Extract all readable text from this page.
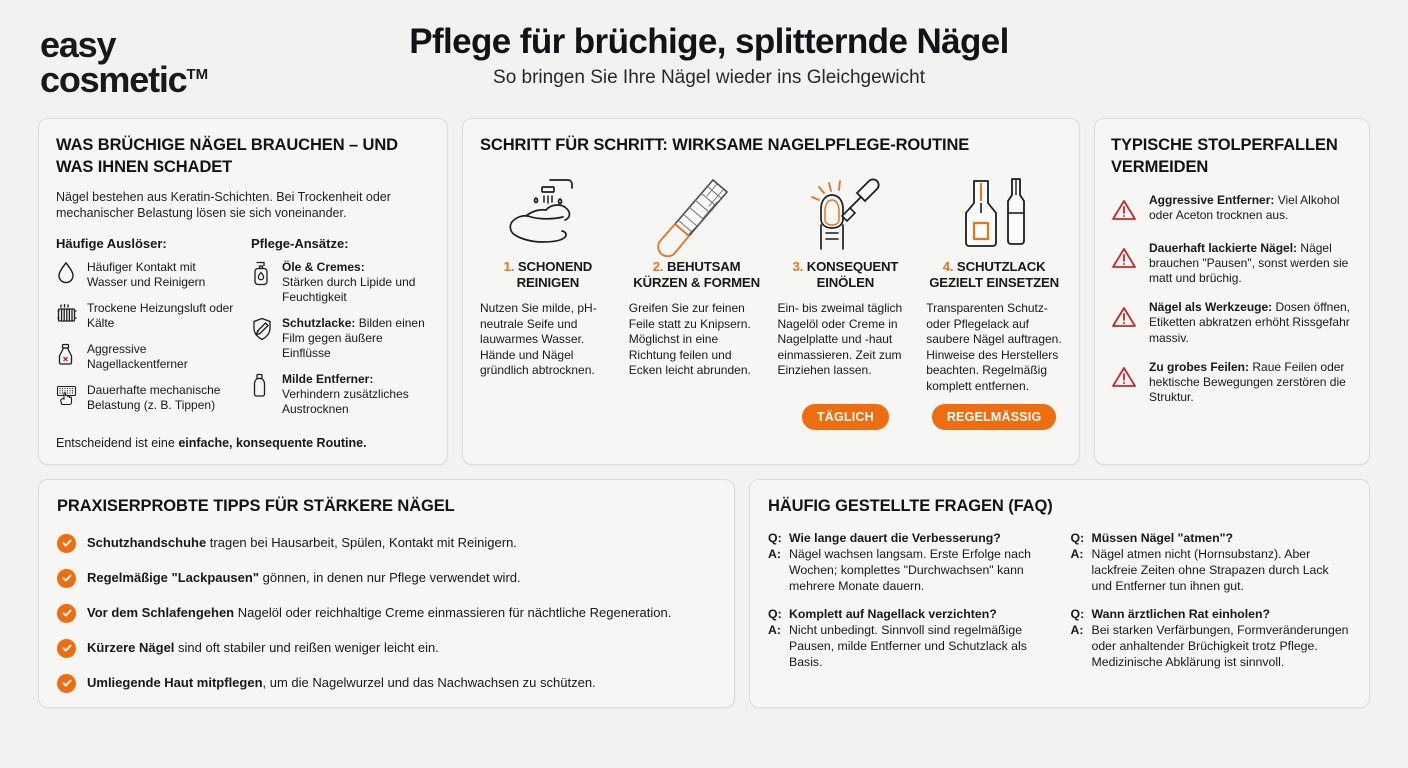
easy
cosmetic™
Pflege für brüchige, splitternde Nägel
So bringen Sie Ihre Nägel wieder ins Gleichgewicht
WAS BRÜCHIGE NÄGEL BRAUCHEN – UND WAS IHNEN SCHADET
Nägel bestehen aus Keratin-Schichten. Bei Trockenheit oder mechanischer Belastung lösen sie sich voneinander.
Häufige Auslöser:
Häufiger Kontakt mit Wasser und Reinigern
Trockene Heizungsluft oder Kälte
Aggressive Nagellackentferner
Dauerhafte mechanische Belastung (z. B. Tippen)
Pflege-Ansätze:
Öle & Cremes:
Stärken durch Lipide und Feuchtigkeit
Schutzlacke: Bilden einen Film gegen äußere Einflüsse
Milde Entferner:
Verhindern zusätzliches Austrocknen
Entscheidend ist eine einfache, konsequente Routine.
SCHRITT FÜR SCHRITT: WIRKSAME NAGELPFLEGE-ROUTINE
1. SCHONEND REINIGEN
Nutzen Sie milde, pH-neutrale Seife und lauwarmes Wasser. Hände und Nägel gründlich abtrocknen.
2. BEHUTSAM KÜRZEN & FORMEN
Greifen Sie zur feinen Feile statt zu Knipsern. Möglichst in eine Richtung feilen und Ecken leicht abrunden.
3. KONSEQUENT EINÖLEN
Ein- bis zweimal täglich Nagelöl oder Creme in Nagelplatte und -haut einmassieren. Zeit zum Einziehen lassen.
4. SCHUTZLACK GEZIELT EINSETZEN
Transparenten Schutz- oder Pflegelack auf saubere Nägel auftragen. Hinweise des Herstellers beachten. Regelmäßig komplett entfernen.
TÄGLICH	REGELMÄSSIG
TYPISCHE STOLPERFALLEN VERMEIDEN
Aggressive Entferner: Viel Alkohol oder Aceton trocknen aus.
Dauerhaft lackierte Nägel: Nägel brauchen "Pausen", sonst werden sie matt und brüchig.
Nägel als Werkzeuge: Dosen öffnen, Etiketten abkratzen erhöht Rissgefahr massiv.
Zu grobes Feilen: Raue Feilen oder hektische Bewegungen zerstören die Struktur.
PRAXISERPROBTE TIPPS FÜR STÄRKERE NÄGEL
Schutzhandschuhe tragen bei Hausarbeit, Spülen, Kontakt mit Reinigern.
Regelmäßige "Lackpausen" gönnen, in denen nur Pflege verwendet wird.
Vor dem Schlafengehen Nagelöl oder reichhaltige Creme einmassieren für nächtliche Regeneration.
Kürzere Nägel sind oft stabiler und reißen weniger leicht ein.
Umliegende Haut mitpflegen, um die Nagelwurzel und das Nachwachsen zu schützen.
HÄUFIG GESTELLTE FRAGEN (FAQ)
Q: Wie lange dauert die Verbesserung?
A: Nägel wachsen langsam. Erste Erfolge nach Wochen; komplettes "Durchwachsen" kann mehrere Monate dauern.
Q: Komplett auf Nagellack verzichten?
A: Nicht unbedingt. Sinnvoll sind regelmäßige Pausen, milde Entferner und Schutzlack als Basis.
Q: Müssen Nägel "atmen"?
A: Nägel atmen nicht (Hornsubstanz). Aber lackfreie Zeiten ohne Strapazen durch Lack und Entferner tun ihnen gut.
Q: Wann ärztlichen Rat einholen?
A: Bei starken Verfärbungen, Formveränderungen oder anhaltender Brüchigkeit trotz Pflege. Medizinische Abklärung ist sinnvoll.
